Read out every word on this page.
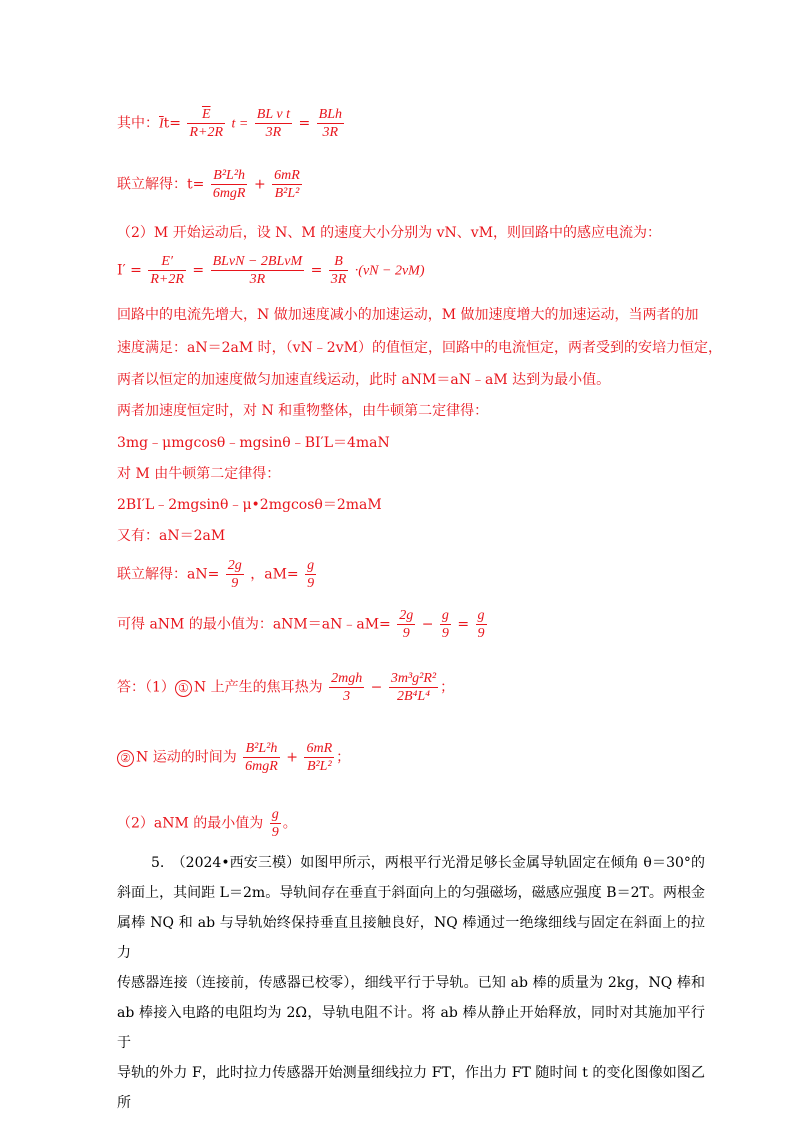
其中：$\overline{I}t= \frac{\overline{E}}{R+2R}$ $t = \frac{\text{BL v t}}{3R} = \frac{\text{BLh}}{3R}$
联立解得：$t= \frac{\text{B²L²h}}{\text{6mgR}} + \frac{6mR}{\text{B²L²}}$
（2）M 开始运动后，设 N、M 的速度大小分别为 vN、vM，则回路中的感应电流为：
$I' = \frac{E'}{R+2R} = \frac{\text{BLvN − 2BLvM}}{3R} = \frac{B}{3R} \cdot(vN - 2vM)$
回路中的电流先增大，N 做加速度减小的加速运动，M 做加速度增大的加速运动，当两者的加
速度满足：aN＝2aM 时，（vN﹣2vM）的值恒定，回路中的电流恒定，两者受到的安培力恒定，
两者以恒定的加速度做匀加速直线运动，此时 aNM＝aN﹣aM 达到为最小值。
两者加速度恒定时，对 N 和重物整体，由牛顿第二定律得：
3mg﹣μmgcosθ﹣mgsinθ﹣BI′L＝4maN
对 M 由牛顿第二定律得：
2BI′L﹣2mgsinθ﹣μ•2mgcosθ＝2maM
又有：aN＝2aM
联立解得：$aN= \frac{2g}{9}$ ，$aM= \frac{g}{9}$
可得 aNM 的最小值为：aNM＝aN﹣aM= $\frac{2g}{9} - \frac{g}{9} = \frac{g}{9}$
答：（1） ① N 上产生的焦耳热为 $\frac{\text{2mgh}}{3} - \frac{\text{3m³g²R²}}{\text{2B⁴L⁴}}$ ；
② N 运动的时间为 $\frac{\text{B²L²h}}{\text{6mgR}} + \frac{6mR}{\text{B²L²}}$ ；
（2）aNM 的最小值为 $\frac{g}{9}$ 。

5.　（2024•西安三模）如图甲所示，两根平行光滑足够长金属导轨固定在倾角 θ＝30°的

斜面上，其间距 L＝2m。导轨间存在垂直于斜面向上的匀强磁场，磁感应强度 B＝2T。两根金

属棒 NQ 和 ab 与导轨始终保持垂直且接触良好，NQ 棒通过一绝缘细线与固定在斜面上的拉力

传感器连接（连接前，传感器已校零），细线平行于导轨。已知 ab 棒的质量为 2kg，NQ 棒和

ab 棒接入电路的电阻均为 2Ω，导轨电阻不计。将 ab 棒从静止开始释放，同时对其施加平行于

导轨的外力 F，此时拉力传感器开始测量细线拉力 FT，作出力 FT 随时间 t 的变化图像如图乙所
